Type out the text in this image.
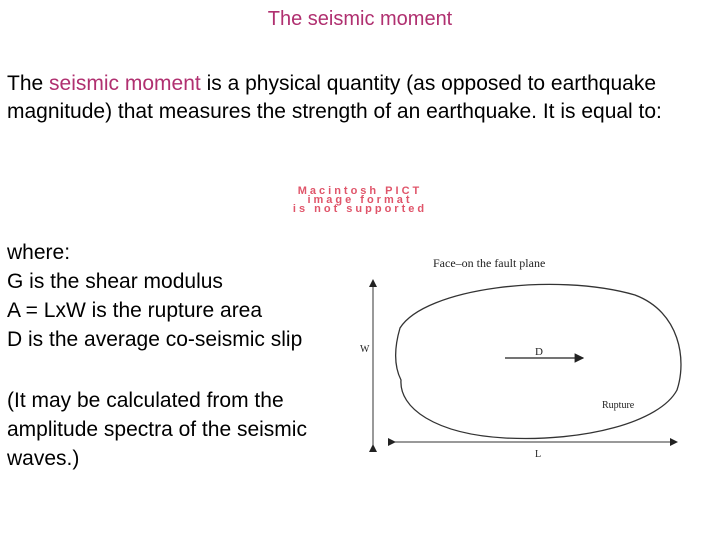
The seismic moment
The seismic moment is a physical quantity (as opposed to earthquake magnitude) that measures the strength of an earthquake. It is equal to:
Macintosh PICT
image format
is not supported
where:
G is the shear modulus
A = LxW is the rupture area
D is the average co-seismic slip
(It may be calculated from the amplitude spectra of the seismic waves.)
Face–on the fault plane
W	D
Rupture
L
